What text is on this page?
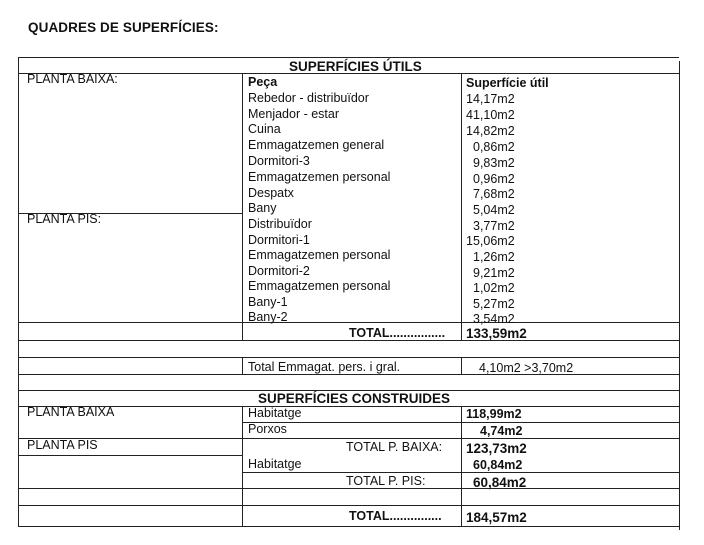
QUADRES DE SUPERFÍCIES:
SUPERFÍCIES ÚTILS
PLANTA BAIXA:	Peça	Superfície útil
PLANTA PIS:
Rebedor - distribuïdor	14,17m2
Menjador - estar	41,10m2
Cuina	14,82m2
Emmagatzemen general	0,86m2
Dormitori-3	9,83m2
Emmagatzemen personal	0,96m2
Despatx	7,68m2
Bany	5,04m2
Distribuïdor	3,77m2
Dormitori-1	15,06m2
Emmagatzemen personal	1,26m2
Dormitori-2	9,21m2
Emmagatzemen personal	1,02m2
Bany-1	5,27m2
Bany-2	3,54m2
TOTAL................ 133,59m2
Total Emmagat. pers. i gral.	4,10m2 >3,70m2
SUPERFÍCIES CONSTRUIDES
PLANTA BAIXA	Habitatge	118,99m2
Porxos	4,74m2
PLANTA PIS	TOTAL P. BAIXA: 123,73m2
Habitatge	60,84m2
TOTAL P. PIS:	60,84m2
TOTAL............... 184,57m2
